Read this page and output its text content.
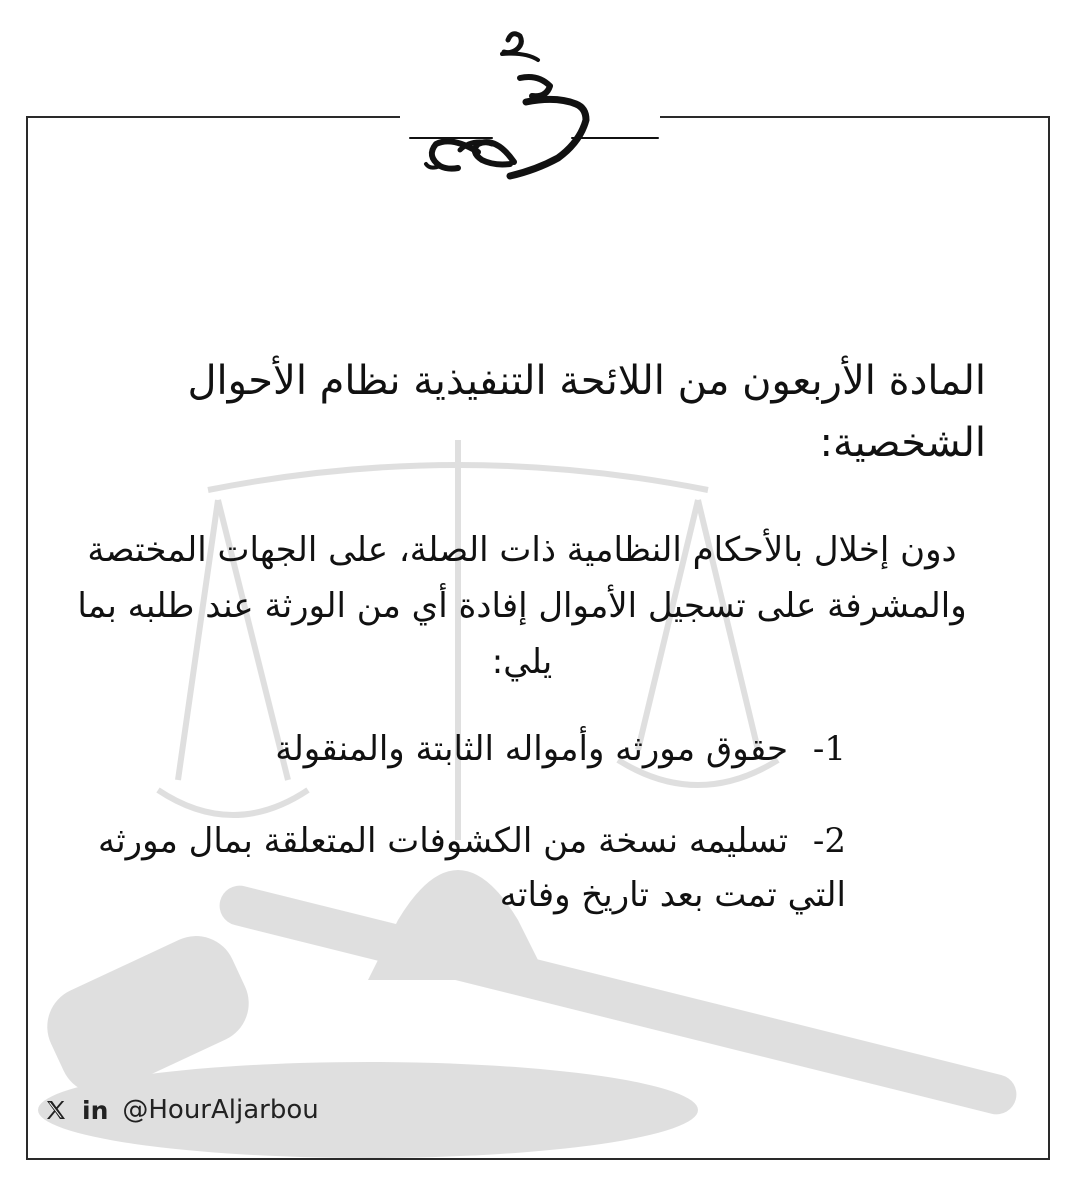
المادة الأربعون من اللائحة التنفيذية نظام الأحوال الشخصية:

دون إخلال بالأحكام النظامية ذات الصلة، على الجهات المختصة والمشرفة على تسجيل الأموال إفادة أي من الورثة عند طلبه بما يلي:

1- حقوق مورثه وأمواله الثابتة والمنقولة

2- تسليمه نسخة من الكشوفات المتعلقة بمال مورثه التي تمت بعد تاريخ وفاته

in @HourAljarbou
